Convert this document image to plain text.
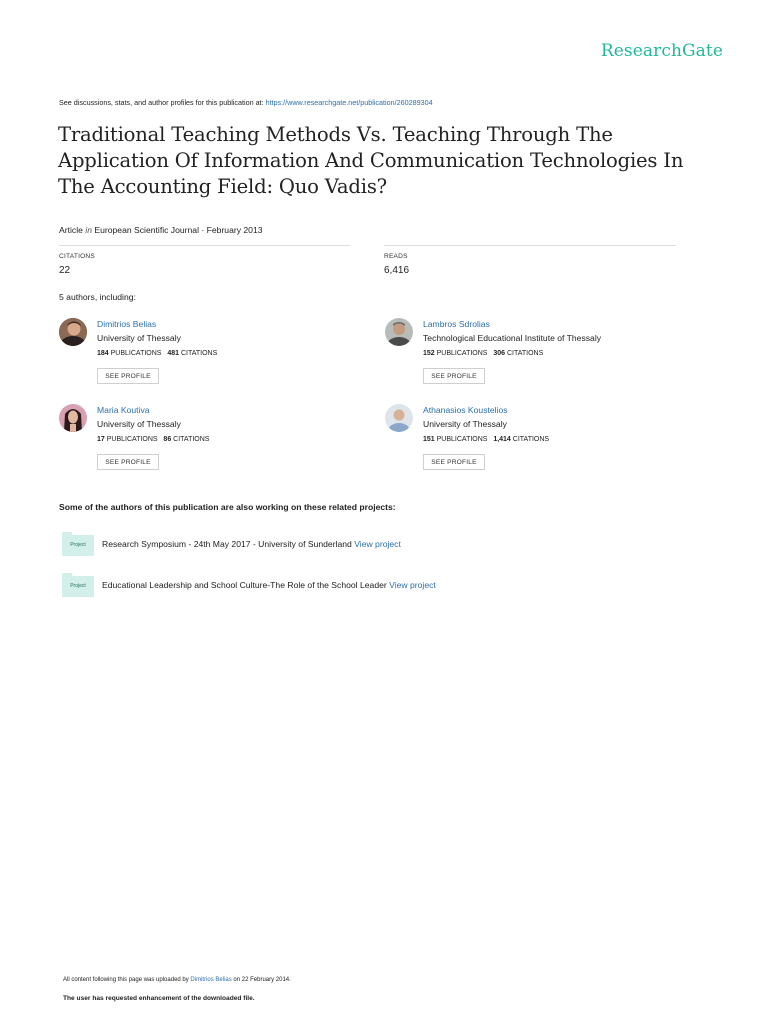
ResearchGate
See discussions, stats, and author profiles for this publication at: https://www.researchgate.net/publication/260289304
Traditional Teaching Methods Vs. Teaching Through The Application Of Information And Communication Technologies In The Accounting Field: Quo Vadis?
Article in European Scientific Journal · February 2013
CITATIONS
22
READS
6,416
5 authors, including:
Dimitrios Belias
University of Thessaly
184 PUBLICATIONS 481 CITATIONS
SEE PROFILE
Lambros Sdrolias
Technological Educational Institute of Thessaly
152 PUBLICATIONS 306 CITATIONS
SEE PROFILE
Maria Koutiva
University of Thessaly
17 PUBLICATIONS 86 CITATIONS
SEE PROFILE
Athanasios Koustelios
University of Thessaly
151 PUBLICATIONS 1,414 CITATIONS
SEE PROFILE
Some of the authors of this publication are also working on these related projects:
Project	Research Symposium - 24th May 2017 - University of Sunderland View project
Project	Educational Leadership and School Culture-The Role of the School Leader View project
All content following this page was uploaded by Dimitrios Belias on 22 February 2014.
The user has requested enhancement of the downloaded file.
